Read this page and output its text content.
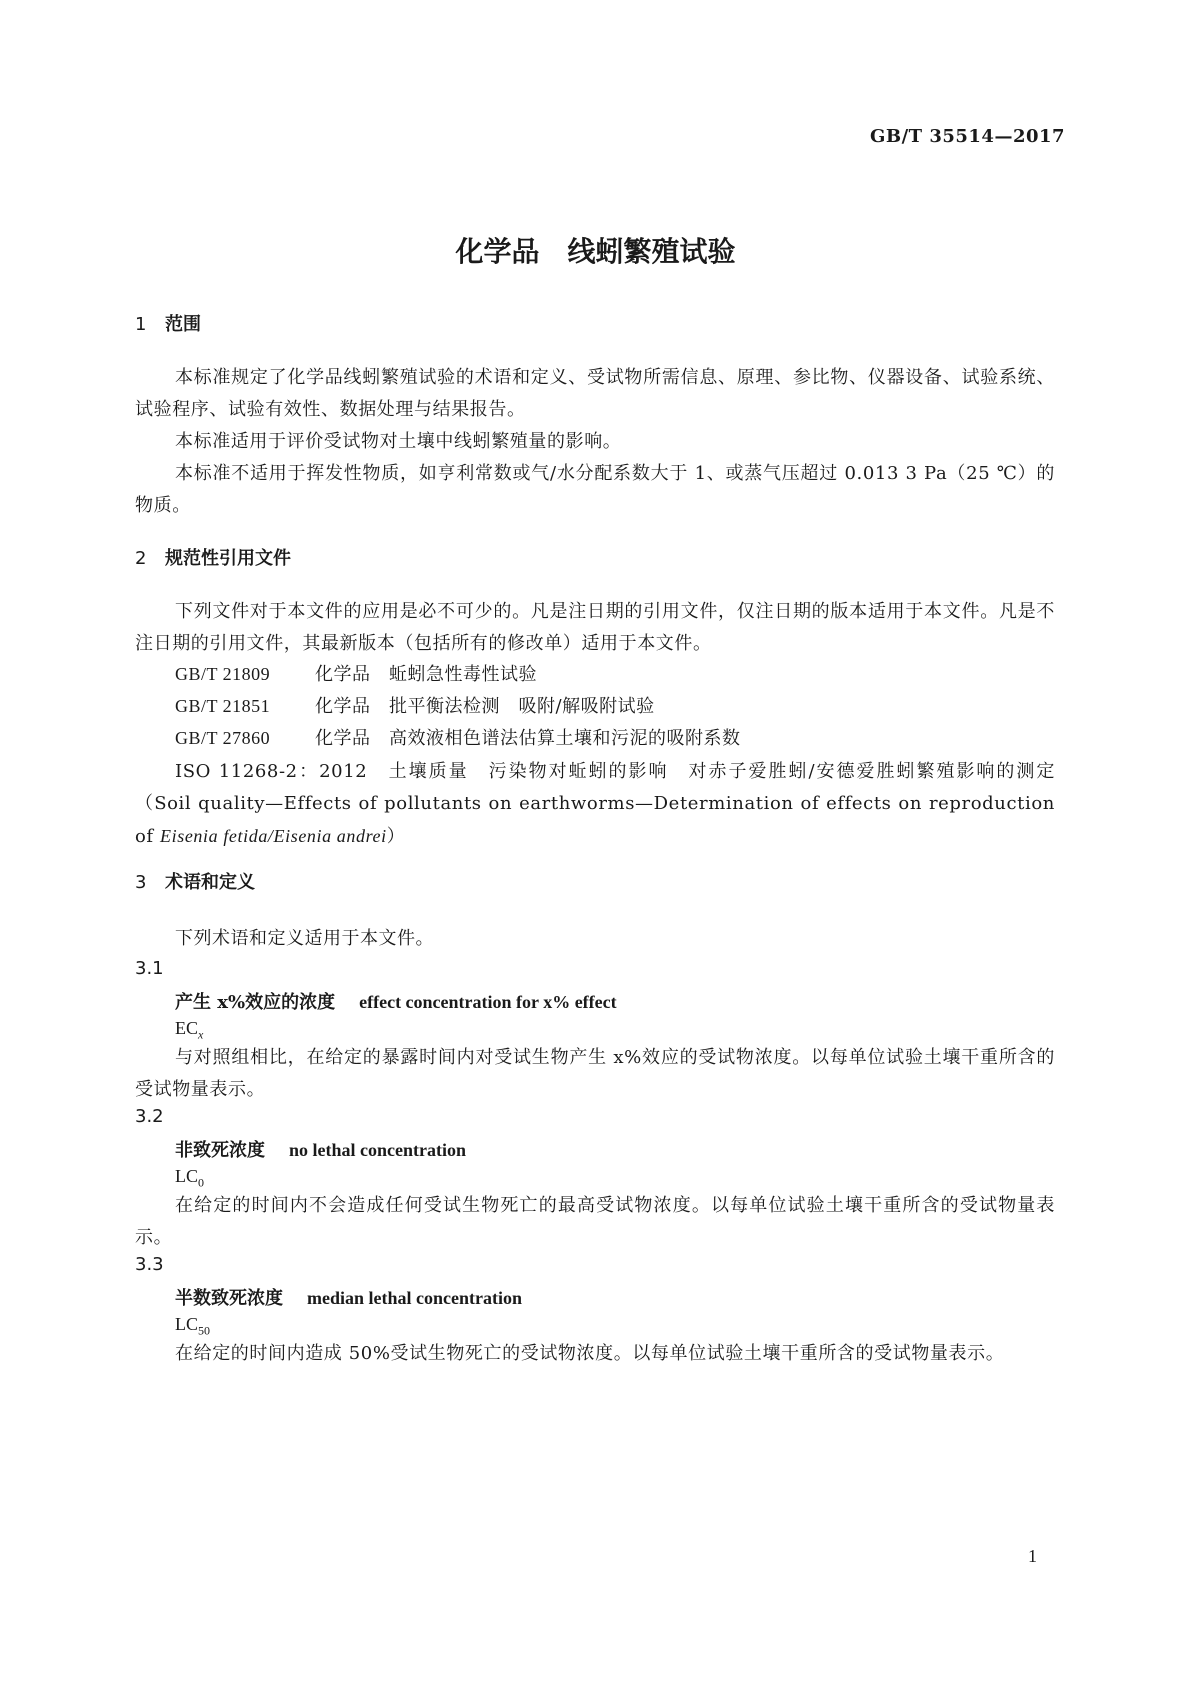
GB/T 35514—2017
化学品　线蚓繁殖试验
1 范围
本标准规定了化学品线蚓繁殖试验的术语和定义、受试物所需信息、原理、参比物、仪器设备、试验系统、试验程序、试验有效性、数据处理与结果报告。
本标准适用于评价受试物对土壤中线蚓繁殖量的影响。
本标准不适用于挥发性物质，如亨利常数或气/水分配系数大于 1、或蒸气压超过 0.013 3 Pa（25 ℃）的物质。
2 规范性引用文件
下列文件对于本文件的应用是必不可少的。凡是注日期的引用文件，仅注日期的版本适用于本文件。凡是不注日期的引用文件，其最新版本（包括所有的修改单）适用于本文件。
GB/T 21809 化学品　蚯蚓急性毒性试验
GB/T 21851 化学品　批平衡法检测　吸附/解吸附试验
GB/T 27860 化学品　高效液相色谱法估算土壤和污泥的吸附系数
ISO 11268-2：2012　土壤质量　污染物对蚯蚓的影响　对赤子爱胜蚓/安德爱胜蚓繁殖影响的测定（Soil quality—Effects of pollutants on earthworms—Determination of effects on reproduction of Eisenia fetida/Eisenia andrei）
3 术语和定义
下列术语和定义适用于本文件。
3.1
产生 x%效应的浓度 effect concentration for x% effect
$EC_x$
与对照组相比，在给定的暴露时间内对受试生物产生 x%效应的受试物浓度。以每单位试验土壤干重所含的受试物量表示。
3.2
非致死浓度 no lethal concentration
$LC_0$
在给定的时间内不会造成任何受试生物死亡的最高受试物浓度。以每单位试验土壤干重所含的受试物量表示。
3.3
半数致死浓度 median lethal concentration
$LC_{50}$
在给定的时间内造成 50%受试生物死亡的受试物浓度。以每单位试验土壤干重所含的受试物量表示。
1
